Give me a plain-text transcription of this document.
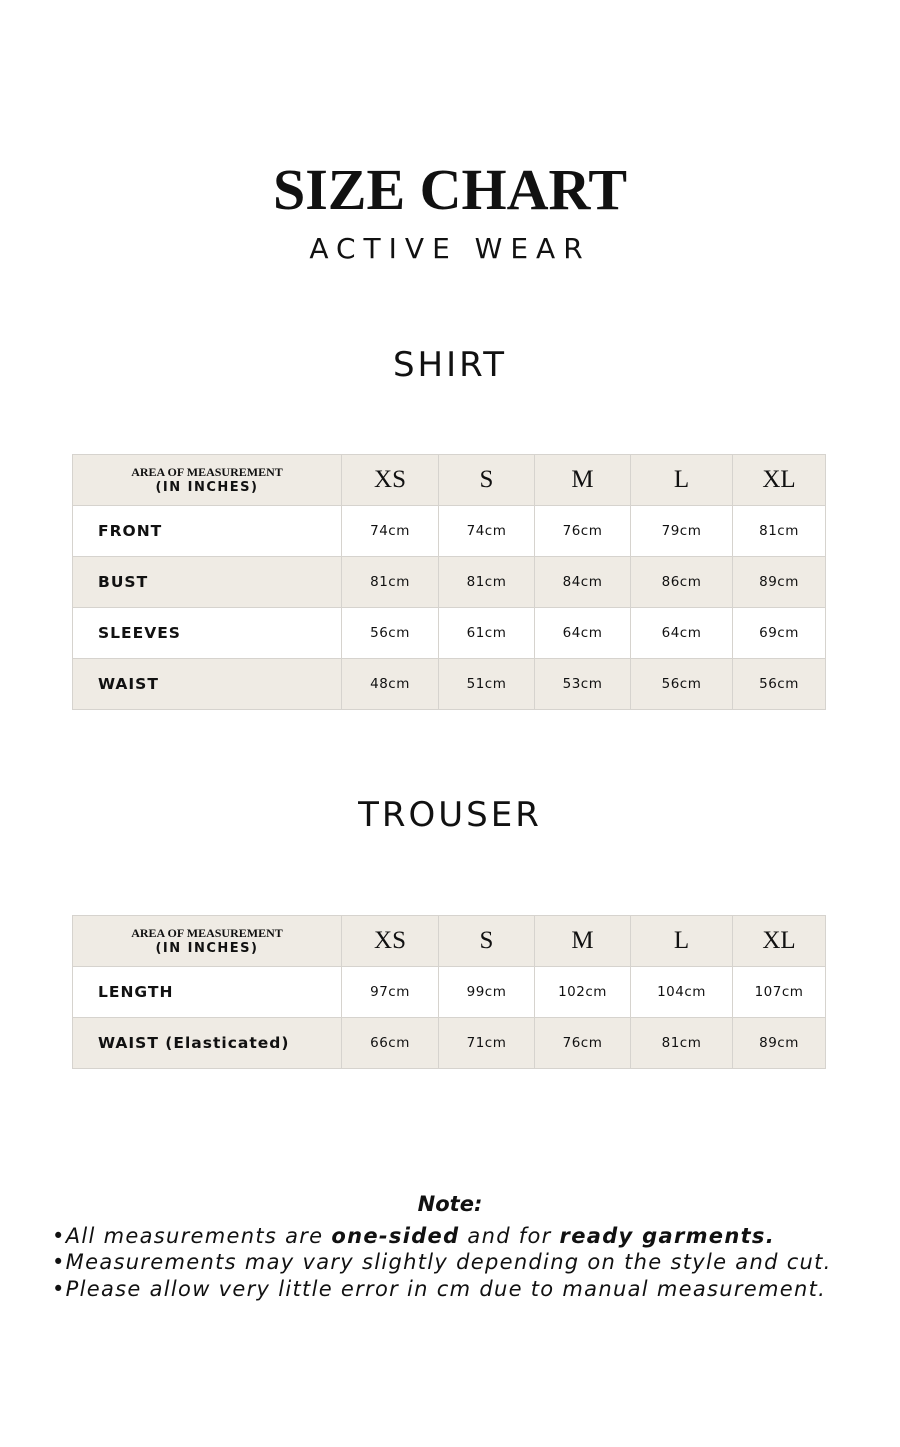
SIZE CHART
ACTIVE WEAR
SHIRT
AREA OF MEASUREMENT
(IN INCHES)	XS	S	M	L	XL
FRONT	74cm	74cm	76cm	79cm	81cm
BUST	81cm	81cm	84cm	86cm	89cm
SLEEVES	56cm	61cm	64cm	64cm	69cm
WAIST	48cm	51cm	53cm	56cm	56cm
TROUSER
AREA OF MEASUREMENT
(IN INCHES)	XS	S	M	L	XL
LENGTH	97cm	99cm	102cm	104cm	107cm
WAIST (Elasticated)	66cm	71cm	76cm	81cm	89cm
Note:
•All measurements are one-sided and for ready garments.
•Measurements may vary slightly depending on the style and cut.
•Please allow very little error in cm due to manual measurement.
